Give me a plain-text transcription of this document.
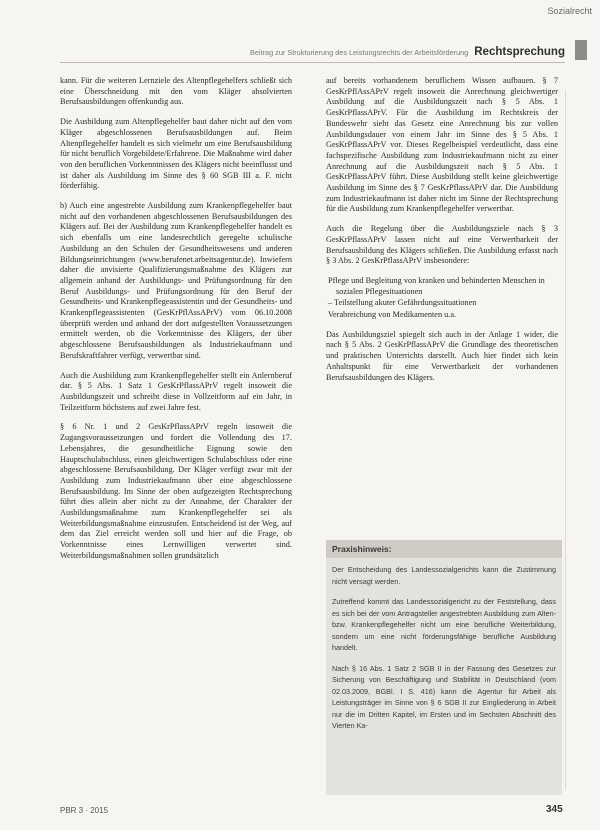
Sozialrecht
Beitrag zur Strukturierung des Leistungsrechts der Arbeitsförderung Rechtsprechung

kann. Für die weiteren Lernziele des Altenpflegehelfers schließt sich eine Überschneidung mit den vom Kläger absolvierten Berufsausbildungen offenkundig aus.

Die Ausbildung zum Altenpflegehelfer baut daher nicht auf den vom Kläger abgeschlossenen Berufsausbildungen auf. Beim Altenpflegehelfer handelt es sich vielmehr um eine Berufsausbildung für nicht beruflich Vorgebildete/Erfahrene. Die Maßnahme wird daher von den beruflichen Vorkenntnissen des Klägers nicht beeinflusst und ist daher als Ausbildung im Sinne des § 60 SGB III a. F. nicht förderfähig.

b) Auch eine angestrebte Ausbildung zum Krankenpflegehelfer baut nicht auf den vorhandenen abgeschlossenen Berufsausbildungen des Klägers auf. Bei der Ausbildung zum Krankenpflegehelfer handelt es sich ebenfalls um eine landesrechtlich geregelte schulische Ausbildung an den Schulen der Gesundheitswesens und anderen Bildungseinrichtungen (www.berufenet.arbeitsagentur.de). Inwiefern daher die anvisierte Qualifizierungsmaßnahme des Klägers zur allgemein anhand der Ausbildungs- und Prüfungsordnung für den Beruf Ausbildungs- und Prüfungsordnung für den Beruf der Gesundheits- und Krankenpflegeassistentin und der Gesundheits- und Krankenpflegeassistenten (GesKrPflAssAPrV) vom 06.10.2008 überprüft werden und anhand der dort aufgestellten Voraussetzungen ermittelt werden, ob die Vorkenntnisse des Klägers, der über abgeschlossene Berufsausbildungen als Industriekaufmann und Berufskraftfahrer verfügt, verwertbar sind.

Auch die Ausbildung zum Krankenpflegehelfer stellt ein Anlernberuf dar. § 5 Abs. 1 Satz 1 GesKrPflassAPrV regelt insoweit die Ausbildungszeit und schreibt diese in Vollzeitform auf ein Jahr, in Teilzeitform höchstens auf zwei Jahre fest.

§ 6 Nr. 1 und 2 GesKrPflassAPrV regeln insoweit die Zugangsvoraussetzungen und fordert die Vollendung des 17. Lebensjahres, die gesundheitliche Eignung sowie den Hauptschulabschluss, einen gleichwertigen Schulabschluss oder eine abgeschlossene Berufsausbildung. Der Kläger verfügt zwar mit der Ausbildung zum Industriekaufmann über eine abgeschlossene Berufsausbildung. Im Sinne der oben aufgezeigten Rechtsprechung führt dies allein aber nicht zu der Annahme, der Charakter der Ausbildungsmaßnahme zum Krankenpflegehelfer sei als Weiterbildungsmaßnahme einzustufen. Entscheidend ist der Weg, auf dem das Ziel erreicht werden soll und hier auf die Frage, ob Vorkenntnisse eines Lernwilligen verwertet sind. Weiterbildungsmaßnahmen sollen grundsätzlich

auf bereits vorhandenem beruflichem Wissen aufbauen. § 7 GesKrPflAssAPrV regelt insoweit die Anrechnung gleichwertiger Ausbildung auf die Ausbildungszeit nach § 5 Abs. 1 GesKrPflassAPrV. Für die Ausbildung im Rechtskreis der Bundeswehr sieht das Gesetz eine Anrechnung bis zur vollen Ausbildungsdauer von einem Jahr im Sinne des § 5 Abs. 1 GesKrPflassAPrV vor. Dieses Regelbeispiel verdeutlicht, dass eine fachspezifische Ausbildung zum Industriekaufmann nicht zu einer Anrechnung auf die Ausbildungszeit nach § 5 Abs. 1 GesKrPflassAPrV führt. Diese Ausbildung stellt keine gleichwertige Ausbildung im Sinne des § 7 GesKrPflassAPrV dar. Die Ausbildung zum Industriekaufmann ist daher nicht im Sinne der Rechtsprechung für die Ausbildung zum Krankenpflegehelfer verwertbar.

Auch die Regelung über die Ausbildungsziele nach § 3 GesKrPflassAPrV lassen nicht auf eine Verwertbarkeit der Berufsausbildung des Klägers schließen. Die Ausbildung erfasst nach § 3 Abs. 2 GesKrPflassAPrV insbesondere:

Pflege und Begleitung von kranken und behinderten Menschen in sozialen Pflegesituationen
– Teilstellung akuter Gefährdungssituationen
Verabreichung von Medikamenten u.a.

Das Ausbildungsziel spiegelt sich auch in der Anlage 1 wider, die nach § 5 Abs. 2 GesKrPflassAPrV die Grundlage des theoretischen und praktischen Unterrichts darstellt. Auch hier findet sich kein Anhaltspunkt für eine Verwertbarkeit der vorhandenen Berufsausbildungen des Klägers.

Praxishinweis:

Der Entscheidung des Landessozialgerichts kann die Zustimmung nicht versagt werden.

Zutreffend kommt das Landessozialgericht zu der Feststellung, dass es sich bei der vom Antragsteller angestrebten Ausbildung zum Alten- bzw. Krankenpflegehelfer nicht um eine berufliche Weiterbildung, sondern um eine nicht förderungsfähige berufliche Ausbildung handelt.

Nach § 16 Abs. 1 Satz 2 SGB II in der Fassung des Gesetzes zur Sicherung von Beschäftigung und Stabilität in Deutschland (vom 02.03.2009, BGBl. I S. 416) kann die Agentur für Arbeit als Leistungsträger im Sinne von § 6 SGB II zur Eingliederung in Arbeit nur die im Dritten Kapitel, im Ersten und im Sechsten Abschnitt des Vierten Ka-

PBR 3 · 2015	345
